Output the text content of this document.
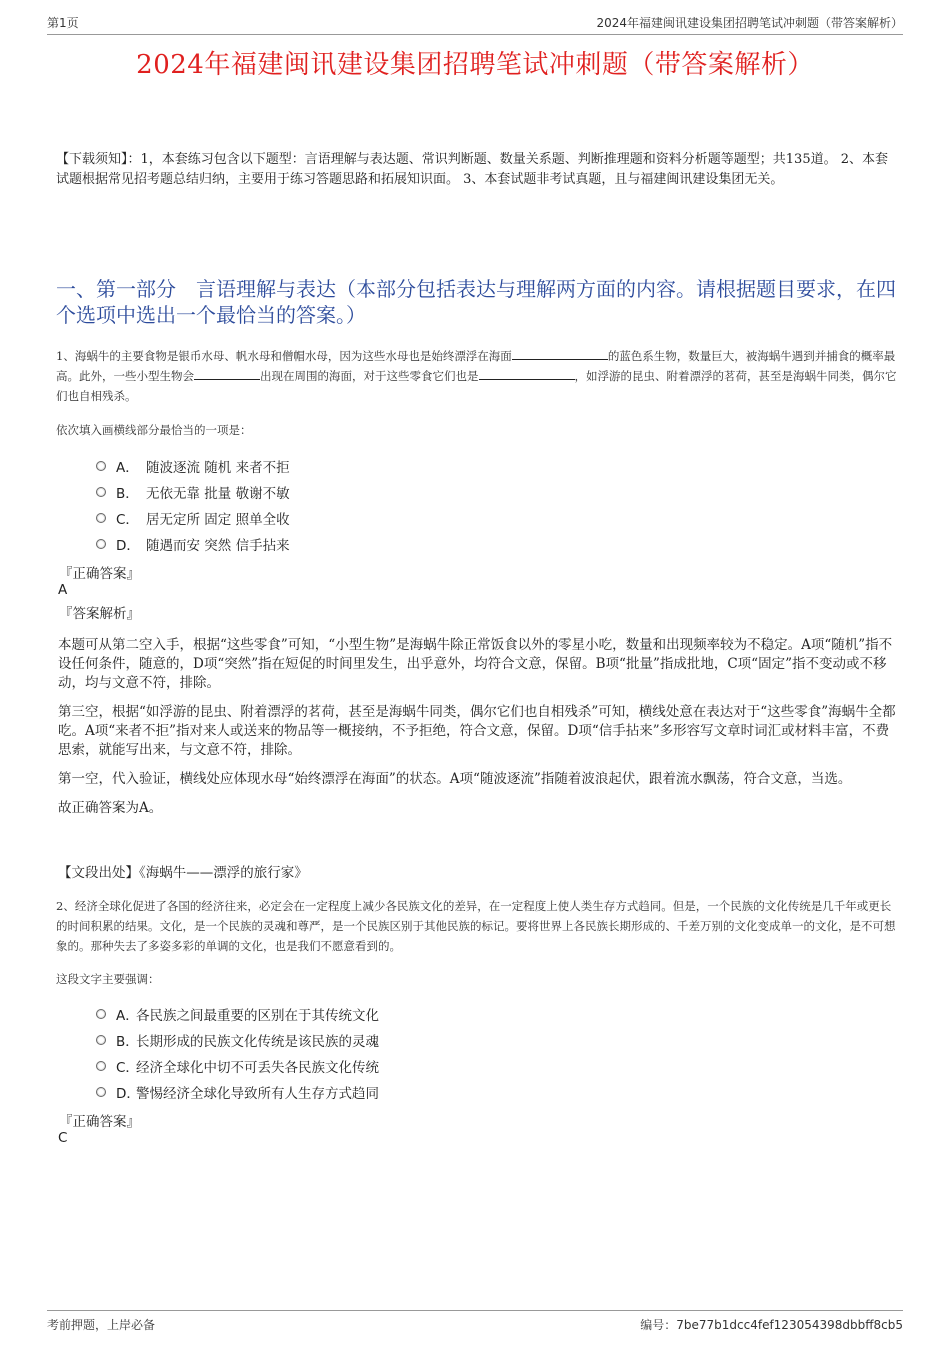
第1页	2024年福建闽讯建设集团招聘笔试冲刺题（带答案解析）
2024年福建闽讯建设集团招聘笔试冲刺题（带答案解析）
【下载须知】：1，本套练习包含以下题型：言语理解与表达题、常识判断题、数量关系题、判断推理题和资料分析题等题型；共135道。 2、本套试题根据常见招考题总结归纳，主要用于练习答题思路和拓展知识面。 3、本套试题非考试真题，且与福建闽讯建设集团无关。
一、第一部分　言语理解与表达（本部分包括表达与理解两方面的内容。请根据题目要求，在四个选项中选出一个最恰当的答案。）
1、海蜗牛的主要食物是银币水母、帆水母和僧帽水母，因为这些水母也是始终漂浮在海面	的蓝色系生物，数量巨大，被海蜗牛遇到并捕食的概率最高。此外，一些小型生物会	出现在周围的海面，对于这些零食它们也是	，如浮游的昆虫、附着漂浮的茗荷，甚至是海蜗牛同类，偶尔它们也自相残杀。
依次填入画横线部分最恰当的一项是：
A． 随波逐流 随机 来者不拒
B． 无依无靠 批量 敬谢不敏
C． 居无定所 固定 照单全收
D． 随遇而安 突然 信手拈来
『正确答案』
A
『答案解析』

本题可从第二空入手，根据“这些零食”可知，“小型生物”是海蜗牛除正常饭食以外的零星小吃，数量和出现频率较为不稳定。A项“随机”指不设任何条件，随意的，D项“突然”指在短促的时间里发生，出乎意外，均符合文意，保留。B项“批量”指成批地，C项“固定”指不变动或不移动，均与文意不符，排除。

第三空，根据“如浮游的昆虫、附着漂浮的茗荷，甚至是海蜗牛同类，偶尔它们也自相残杀”可知，横线处意在表达对于“这些零食”海蜗牛全都吃。A项“来者不拒”指对来人或送来的物品等一概接纳，不予拒绝，符合文意，保留。D项“信手拈来”多形容写文章时词汇或材料丰富，不费思索，就能写出来，与文意不符，排除。

第一空，代入验证，横线处应体现水母“始终漂浮在海面”的状态。A项“随波逐流”指随着波浪起伏，跟着流水飘荡，符合文意，当选。

故正确答案为A。

【文段出处】《海蜗牛——漂浮的旅行家》
2、经济全球化促进了各国的经济往来，必定会在一定程度上减少各民族文化的差异，在一定程度上使人类生存方式趋同。但是，一个民族的文化传统是几千年或更长的时间积累的结果。文化，是一个民族的灵魂和尊严，是一个民族区别于其他民族的标记。要将世界上各民族长期形成的、千差万别的文化变成单一的文化，是不可想象的。那种失去了多姿多彩的单调的文化，也是我们不愿意看到的。
这段文字主要强调：
A．
各民族之间最重要的区别在于其传统文化
B．
长期形成的民族文化传统是该民族的灵魂
C．
经济全球化中切不可丢失各民族文化传统
D．
警惕经济全球化导致所有人生存方式趋同
『正确答案』
C
考前押题，上岸必备	编号：7be77b1dcc4fef123054398dbbff8cb5
